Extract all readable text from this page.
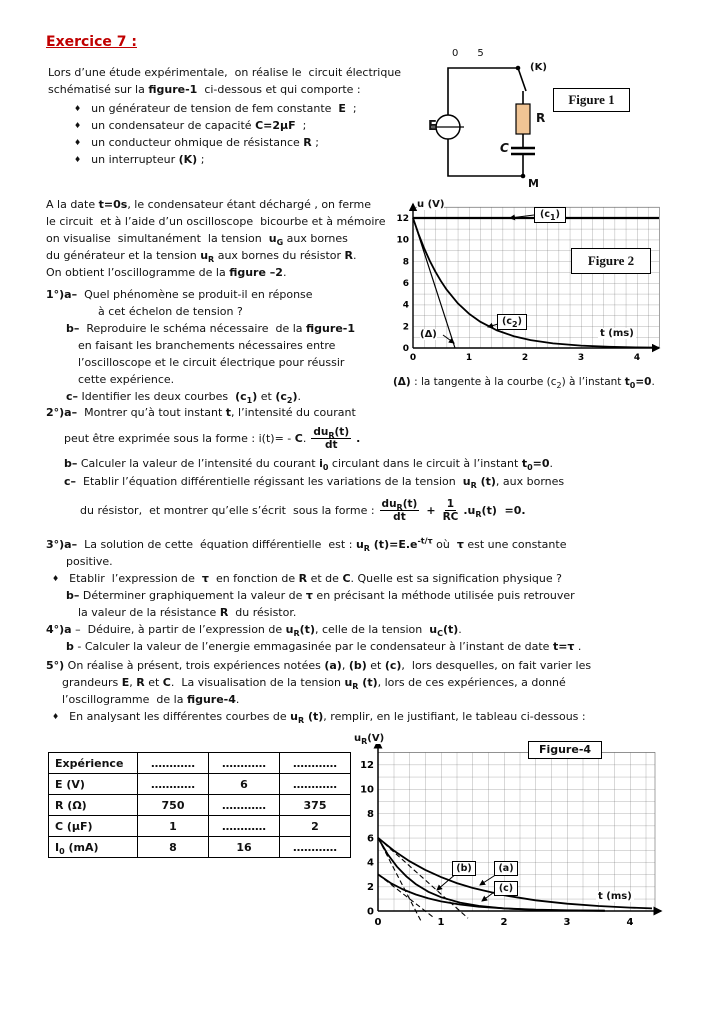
Exercice 7 :
Lors d’une étude expérimentale,  on réalise le  circuit électrique
schématisé sur la figure-1  ci-dessous et qui comporte :
♦ un générateur de tension de fem constante  E  ;
♦ un condensateur de capacité C=2μF  ;
♦ un conducteur ohmique de résistance R ;
♦ un interrupteur (K) ;
0      5
(K)
E
R
C
M
Figure 1
A la date t=0s, le condensateur étant déchargé , on ferme
le circuit  et à l’aide d’un oscilloscope  bicourbe et à mémoire
on visualise  simultanément  la tension  $u_G$ aux bornes
du générateur et la tension $u_R$ aux bornes du résistor R.
On obtient l’oscillogramme de la figure –2.
1°)a–  Quel phénomène se produit-il en réponse
à cet échelon de tension ?
b–  Reproduire le schéma nécessaire  de la figure-1
en faisant les branchements nécessaires entre
l’oscilloscope et le circuit électrique pour réussir
cette expérience.
c– Identifier les deux courbes  $(c_1)$ et $(c_2)$.
12
10
8
6
4
2
0
0	1	2	3	4
u (V)
t (ms)
$(c_1)$
$(c_2)$
(Δ)
Figure 2
(Δ) : la tangente à la courbe $(c_2)$ à l’instant $t_0=0$.
2°)a–  Montrer qu’à tout instant t, l’intensité du courant
peut être exprimée sous la forme : i(t)= - C. $\frac{du_R(t)}{dt}$ .
b– Calculer la valeur de l’intensité du courant $i_0$ circulant dans le circuit à l’instant $t_0=0$.
c–  Etablir l’équation différentielle régissant les variations de la tension  $u_R$ (t), aux bornes
du résistor,  et montrer qu’elle s’écrit  sous la forme : $\frac{du_R(t)}{dt} + \frac{1}{RC} .u_R(t) =0$.
3°)a–  La solution de cette  équation différentielle  est : $u_R$ $(t)=E.e^{-t/\tau}$ où  τ est une constante
positive.
♦ Etablir  l’expression de  τ  en fonction de R et de C. Quelle est sa signification physique ?
b– Déterminer graphiquement la valeur de τ en précisant la méthode utilisée puis retrouver
la valeur de la résistance R  du résistor.
4°)a –  Déduire, à partir de l’expression de $u_R(t)$, celle de la tension  $u_C(t)$.
b - Calculer la valeur de l’energie emmagasinée par le condensateur à l’instant de date t=τ .
5°) On réalise à présent, trois expériences notées (a), (b) et (c),  lors desquelles, on fait varier les
grandeurs E, R et C.  La visualisation de la tension $u_R$ (t), lors de ces expériences, a donné
l’oscillogramme  de la figure-4.
♦ En analysant les différentes courbes de $u_R$ (t), remplir, en le justifiant, le tableau ci-dessous :
Expérience	…………	…………	…………
E (V)	…………	6	…………
R (Ω)	750	…………	375
C (μF)	1	…………	2
$I_0$ (mA)	8	16	…………
12
10
8
6
4
2
0
0	1	2	3	4
$u_R(V)$
t (ms)
Figure-4
(b)	(a)
(c)
